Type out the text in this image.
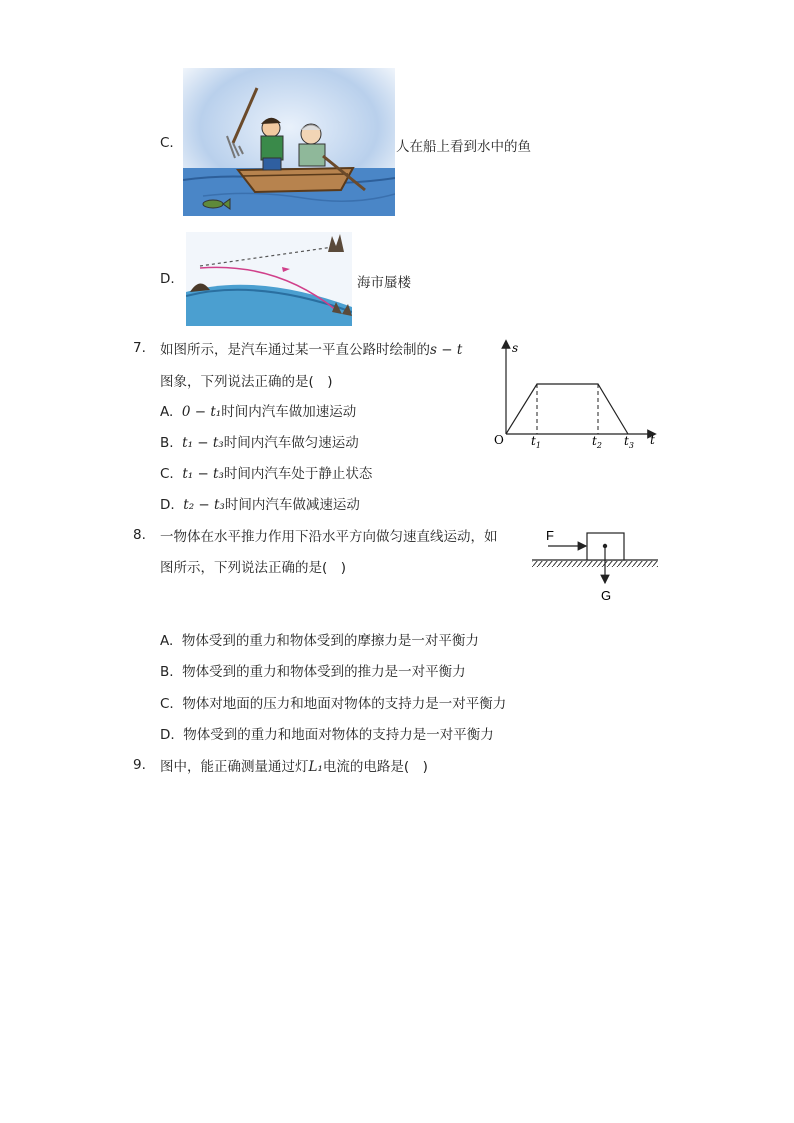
C.	人在船上看到水中的鱼
D.	海市蜃楼
7. 如图所示，是汽车通过某一平直公路时绘制的s − t
图象，下列说法正确的是(　)
A. 0 − t₁时间内汽车做加速运动
B. t₁ − t₃时间内汽车做匀速运动
C. t₁ − t₃时间内汽车处于静止状态
D. t₂ − t₃时间内汽车做减速运动
s
t
O $t_1$	$t_2$ $t_3$
8. 一物体在水平推力作用下沿水平方向做匀速直线运动，如
图所示，下列说法正确的是(　)
F
G
A. 物体受到的重力和物体受到的摩擦力是一对平衡力
B. 物体受到的重力和物体受到的推力是一对平衡力
C. 物体对地面的压力和地面对物体的支持力是一对平衡力
D. 物体受到的重力和地面对物体的支持力是一对平衡力
9. 图中，能正确测量通过灯L₁电流的电路是(　)
